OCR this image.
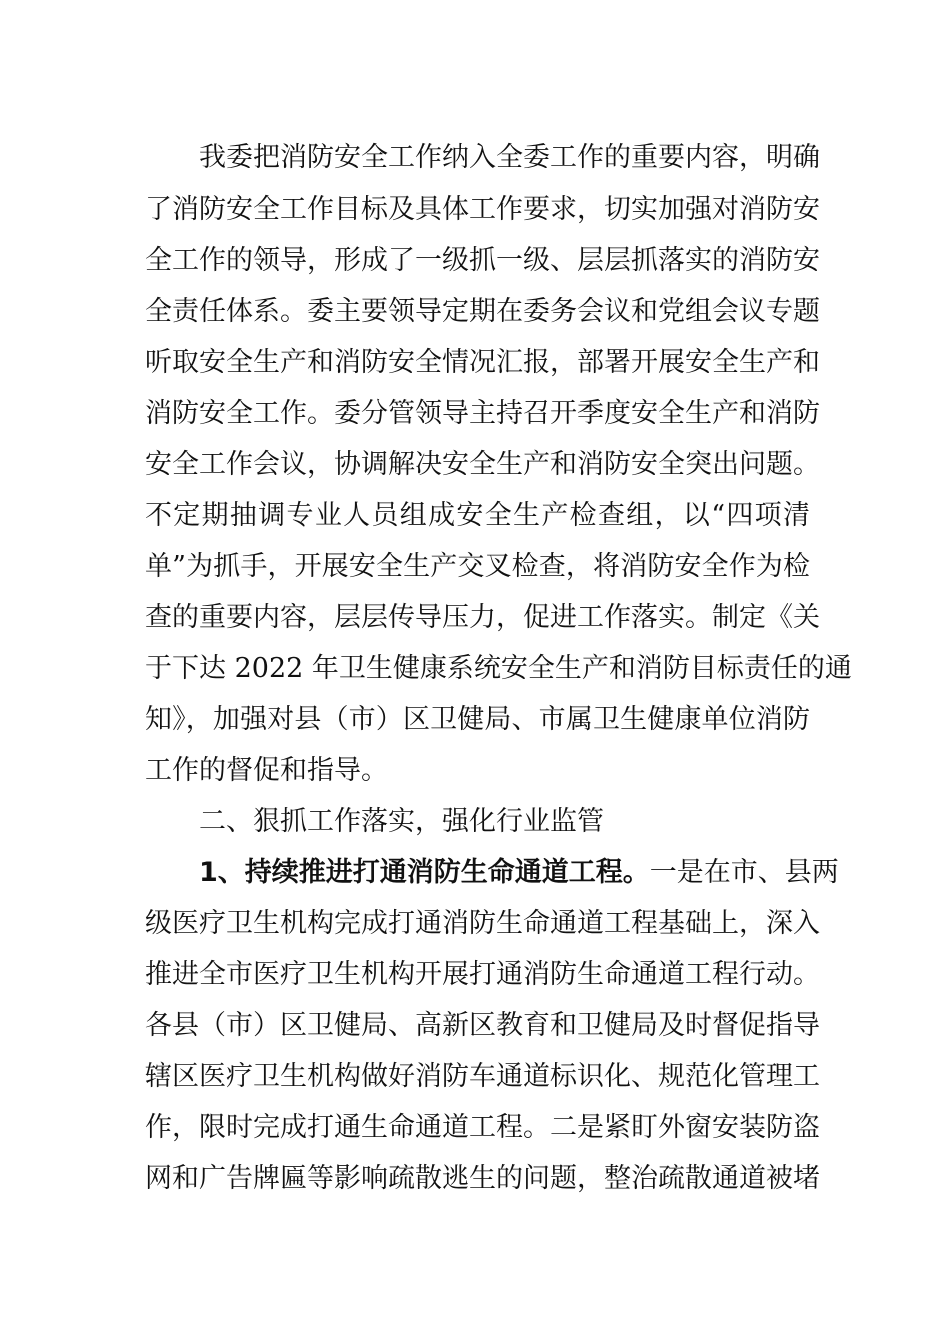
我委把消防安全工作纳入全委工作的重要内容，明确
了消防安全工作目标及具体工作要求，切实加强对消防安
全工作的领导，形成了一级抓一级、层层抓落实的消防安
全责任体系。委主要领导定期在委务会议和党组会议专题
听取安全生产和消防安全情况汇报，部署开展安全生产和
消防安全工作。委分管领导主持召开季度安全生产和消防
安全工作会议，协调解决安全生产和消防安全突出问题。
不定期抽调专业人员组成安全生产检查组，以“四项清
单”为抓手，开展安全生产交叉检查，将消防安全作为检
查的重要内容，层层传导压力，促进工作落实。制定《关
于下达 2022 年卫生健康系统安全生产和消防目标责任的通
知》，加强对县（市）区卫健局、市属卫生健康单位消防
工作的督促和指导。
二、狠抓工作落实，强化行业监管
1、持续推进打通消防生命通道工程。一是在市、县两
级医疗卫生机构完成打通消防生命通道工程基础上，深入
推进全市医疗卫生机构开展打通消防生命通道工程行动。
各县（市）区卫健局、高新区教育和卫健局及时督促指导
辖区医疗卫生机构做好消防车通道标识化、规范化管理工
作，限时完成打通生命通道工程。二是紧盯外窗安装防盗
网和广告牌匾等影响疏散逃生的问题，整治疏散通道被堵
